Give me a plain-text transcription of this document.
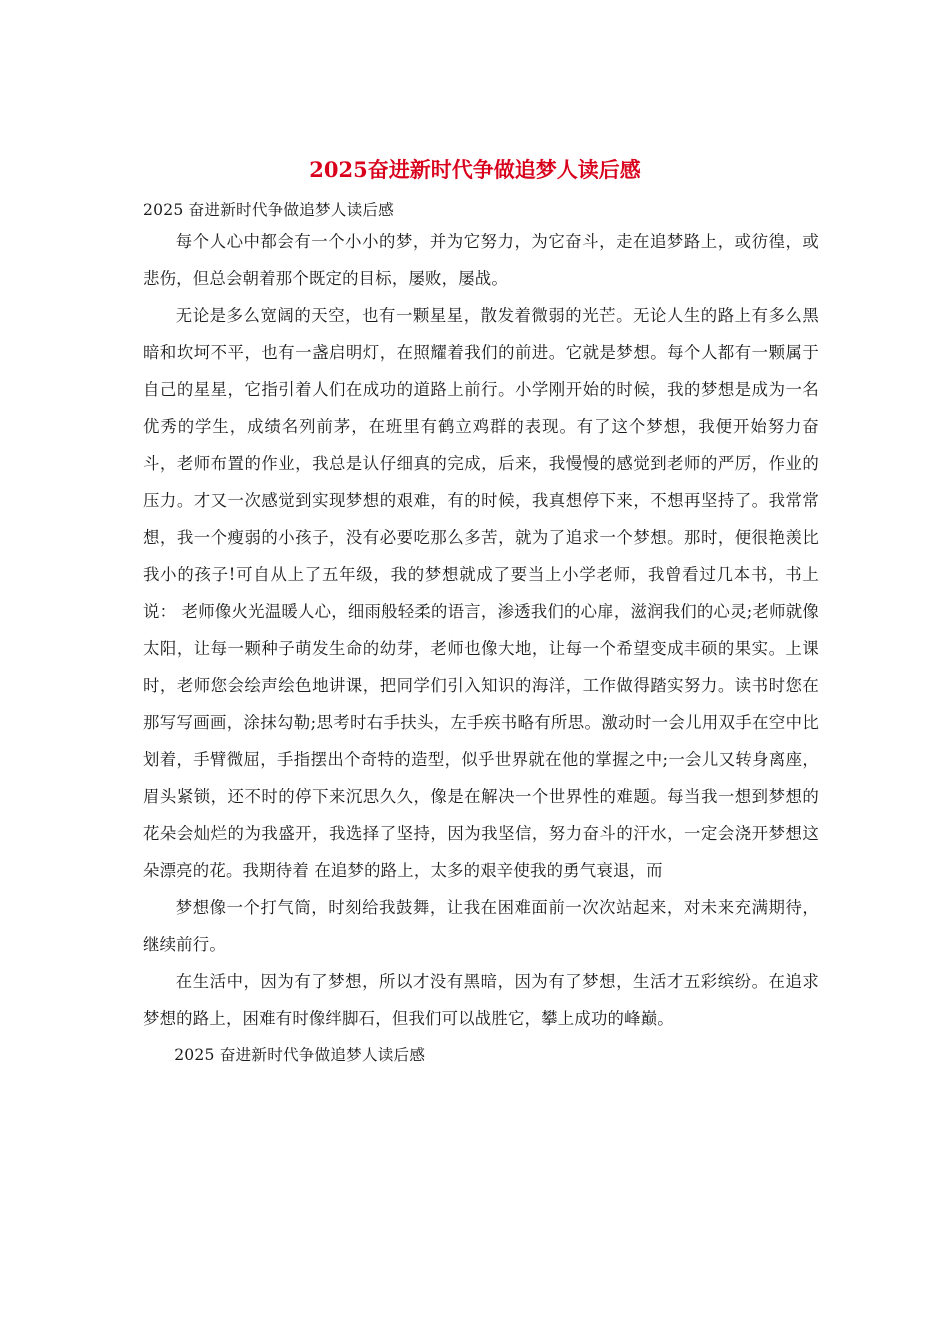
2025奋进新时代争做追梦人读后感

2025 奋进新时代争做追梦人读后感

每个人心中都会有一个小小的梦，并为它努力，为它奋斗，走在追梦路上，或彷徨，或悲伤，但总会朝着那个既定的目标，屡败，屡战。

无论是多么宽阔的天空，也有一颗星星，散发着微弱的光芒。无论人生的路上有多么黑暗和坎坷不平，也有一盏启明灯，在照耀着我们的前进。它就是梦想。每个人都有一颗属于自己的星星，它指引着人们在成功的道路上前行。小学刚开始的时候，我的梦想是成为一名优秀的学生，成绩名列前茅，在班里有鹤立鸡群的表现。有了这个梦想，我便开始努力奋斗，老师布置的作业，我总是认仔细真的完成，后来，我慢慢的感觉到老师的严厉，作业的压力。才又一次感觉到实现梦想的艰难，有的时候，我真想停下来，不想再坚持了。我常常想，我一个瘦弱的小孩子，没有必要吃那么多苦，就为了追求一个梦想。那时，便很艳羡比我小的孩子!可自从上了五年级，我的梦想就成了要当上小学老师，我曾看过几本书，书上说： 老师像火光温暖人心，细雨般轻柔的语言，渗透我们的心扉，滋润我们的心灵;老师就像太阳，让每一颗种子萌发生命的幼芽，老师也像大地，让每一个希望变成丰硕的果实。上课时，老师您会绘声绘色地讲课，把同学们引入知识的海洋，工作做得踏实努力。读书时您在那写写画画，涂抹勾勒;思考时右手扶头，左手疾书略有所思。激动时一会儿用双手在空中比划着，手臂微屈，手指摆出个奇特的造型，似乎世界就在他的掌握之中;一会儿又转身离座，眉头紧锁，还不时的停下来沉思久久，像是在解决一个世界性的难题。每当我一想到梦想的花朵会灿烂的为我盛开，我选择了坚持，因为我坚信，努力奋斗的汗水，一定会浇开梦想这朵漂亮的花。我期待着 在追梦的路上，太多的艰辛使我的勇气衰退，而

梦想像一个打气筒，时刻给我鼓舞，让我在困难面前一次次站起来，对未来充满期待，继续前行。

在生活中，因为有了梦想，所以才没有黑暗，因为有了梦想，生活才五彩缤纷。在追求梦想的路上，困难有时像绊脚石，但我们可以战胜它，攀上成功的峰巅。

2025 奋进新时代争做追梦人读后感
